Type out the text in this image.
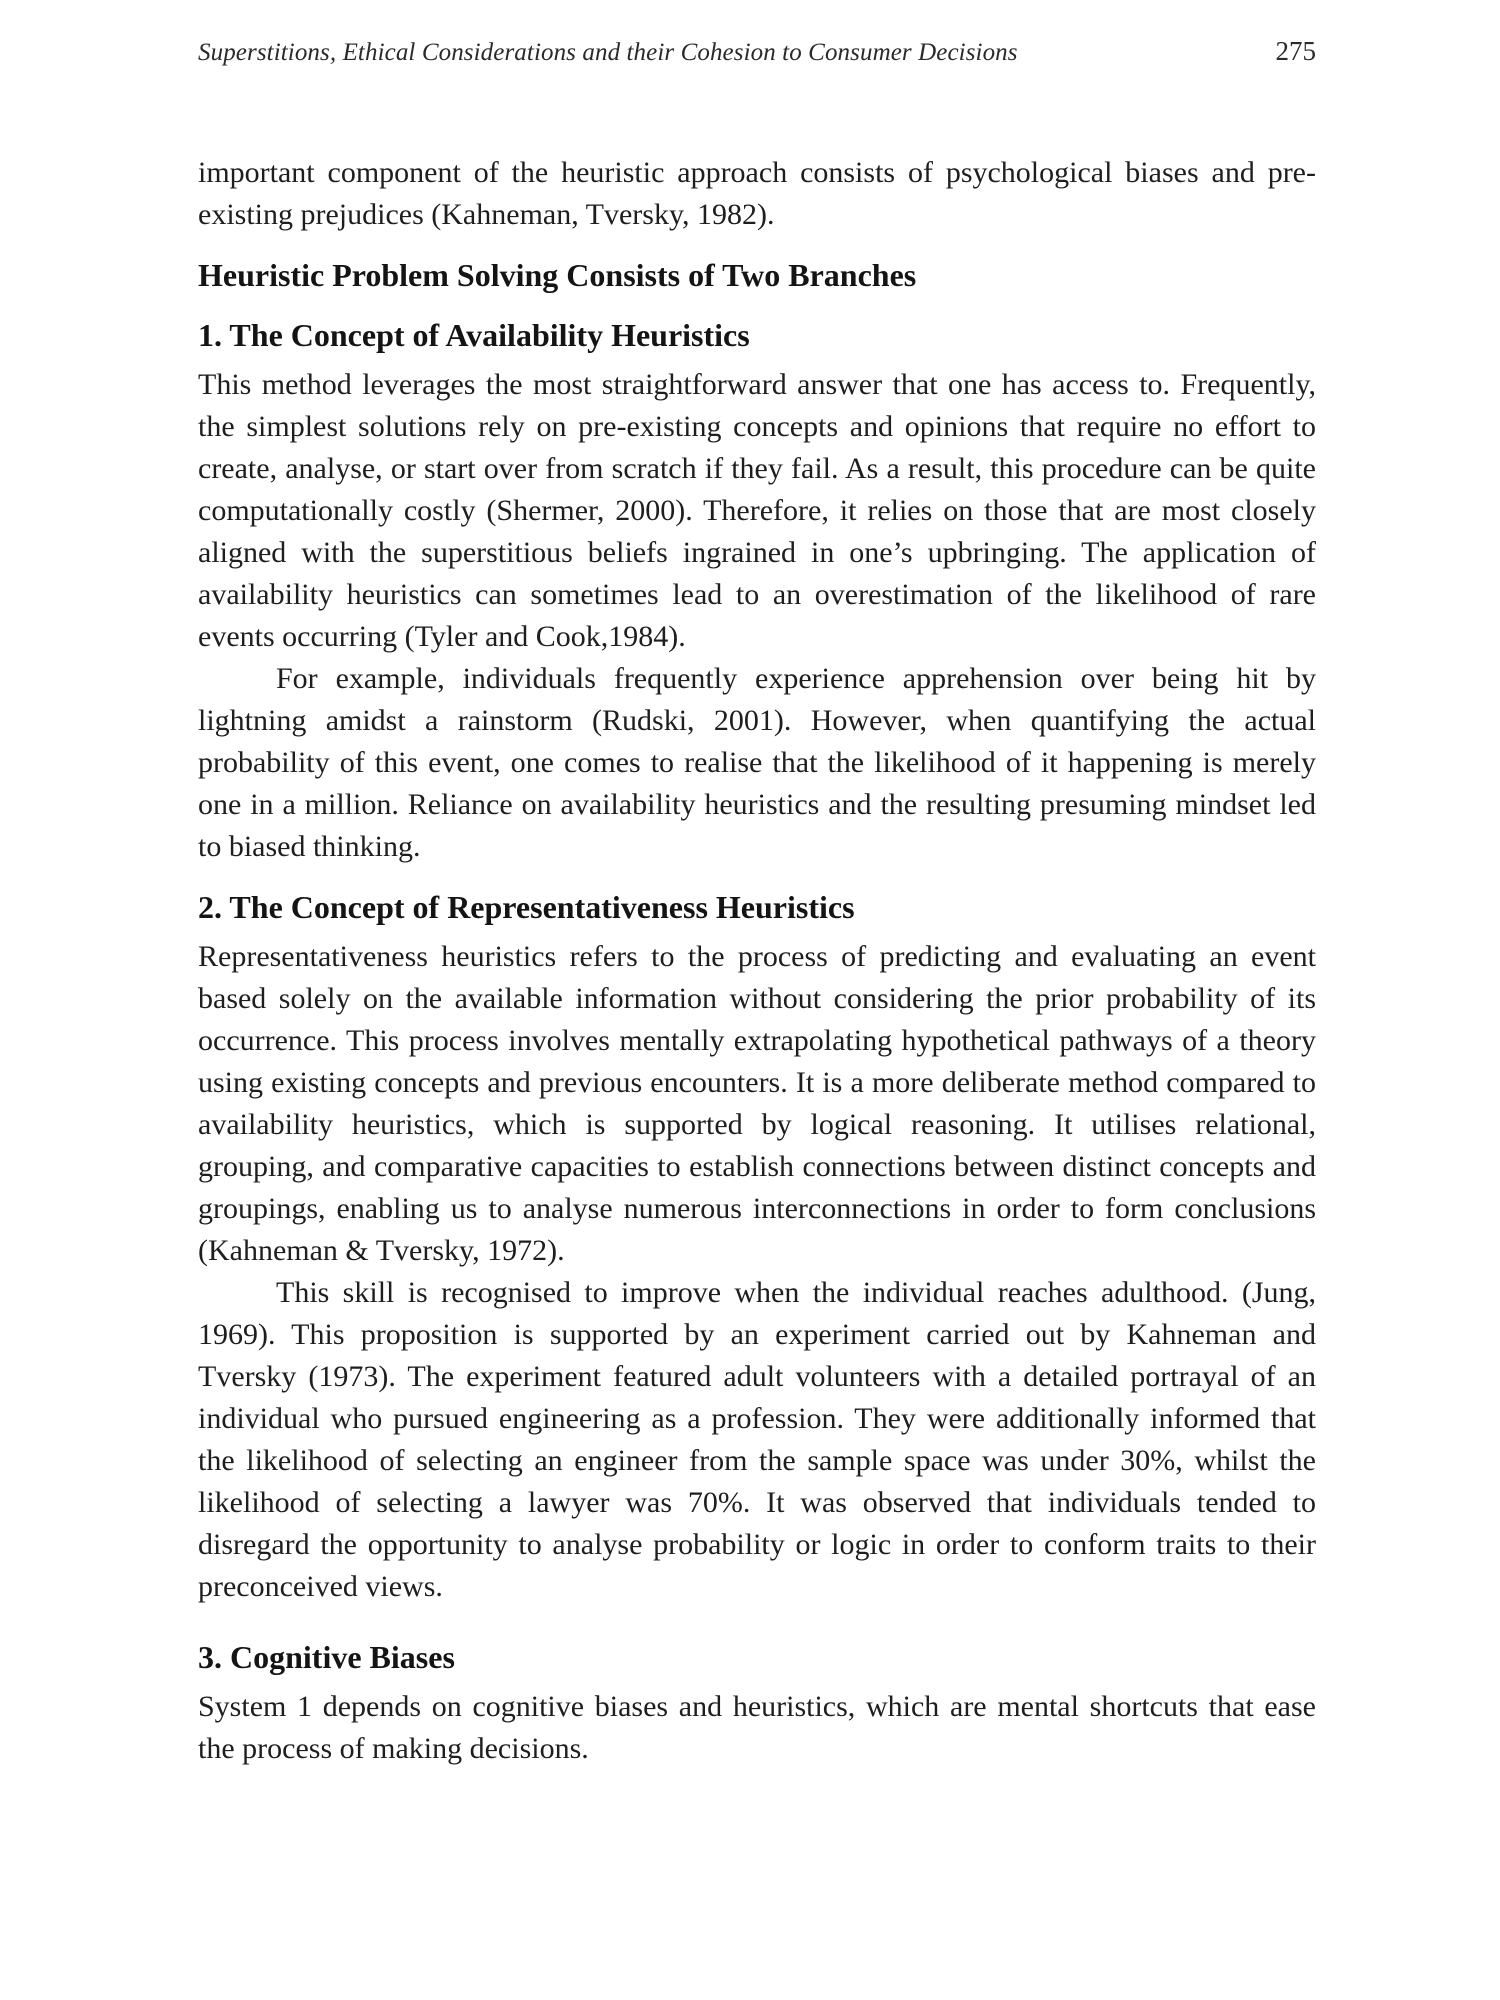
Superstitions, Ethical Considerations and their Cohesion to Consumer Decisions	275

important component of the heuristic approach consists of psychological biases and pre-existing prejudices (Kahneman, Tversky, 1982).

Heuristic Problem Solving Consists of Two Branches
1. The Concept of Availability Heuristics

This method leverages the most straightforward answer that one has access to. Frequently, the simplest solutions rely on pre-existing concepts and opinions that require no effort to create, analyse, or start over from scratch if they fail. As a result, this procedure can be quite computationally costly (Shermer, 2000). Therefore, it relies on those that are most closely aligned with the superstitious beliefs ingrained in one’s upbringing. The application of availability heuristics can sometimes lead to an overestimation of the likelihood of rare events occurring (Tyler and Cook,1984).

For example, individuals frequently experience apprehension over being hit by lightning amidst a rainstorm (Rudski, 2001). However, when quantifying the actual probability of this event, one comes to realise that the likelihood of it happening is merely one in a million. Reliance on availability heuristics and the resulting presuming mindset led to biased thinking.

2. The Concept of Representativeness Heuristics

Representativeness heuristics refers to the process of predicting and evaluating an event based solely on the available information without considering the prior probability of its occurrence. This process involves mentally extrapolating hypothetical pathways of a theory using existing concepts and previous encounters. It is a more deliberate method compared to availability heuristics, which is supported by logical reasoning. It utilises relational, grouping, and comparative capacities to establish connections between distinct concepts and groupings, enabling us to analyse numerous interconnections in order to form conclusions (Kahneman & Tversky, 1972).

This skill is recognised to improve when the individual reaches adulthood. (Jung, 1969). This proposition is supported by an experiment carried out by Kahneman and Tversky (1973). The experiment featured adult volunteers with a detailed portrayal of an individual who pursued engineering as a profession. They were additionally informed that the likelihood of selecting an engineer from the sample space was under 30%, whilst the likelihood of selecting a lawyer was 70%. It was observed that individuals tended to disregard the opportunity to analyse probability or logic in order to conform traits to their preconceived views.

3. Cognitive Biases

System 1 depends on cognitive biases and heuristics, which are mental shortcuts that ease the process of making decisions.
